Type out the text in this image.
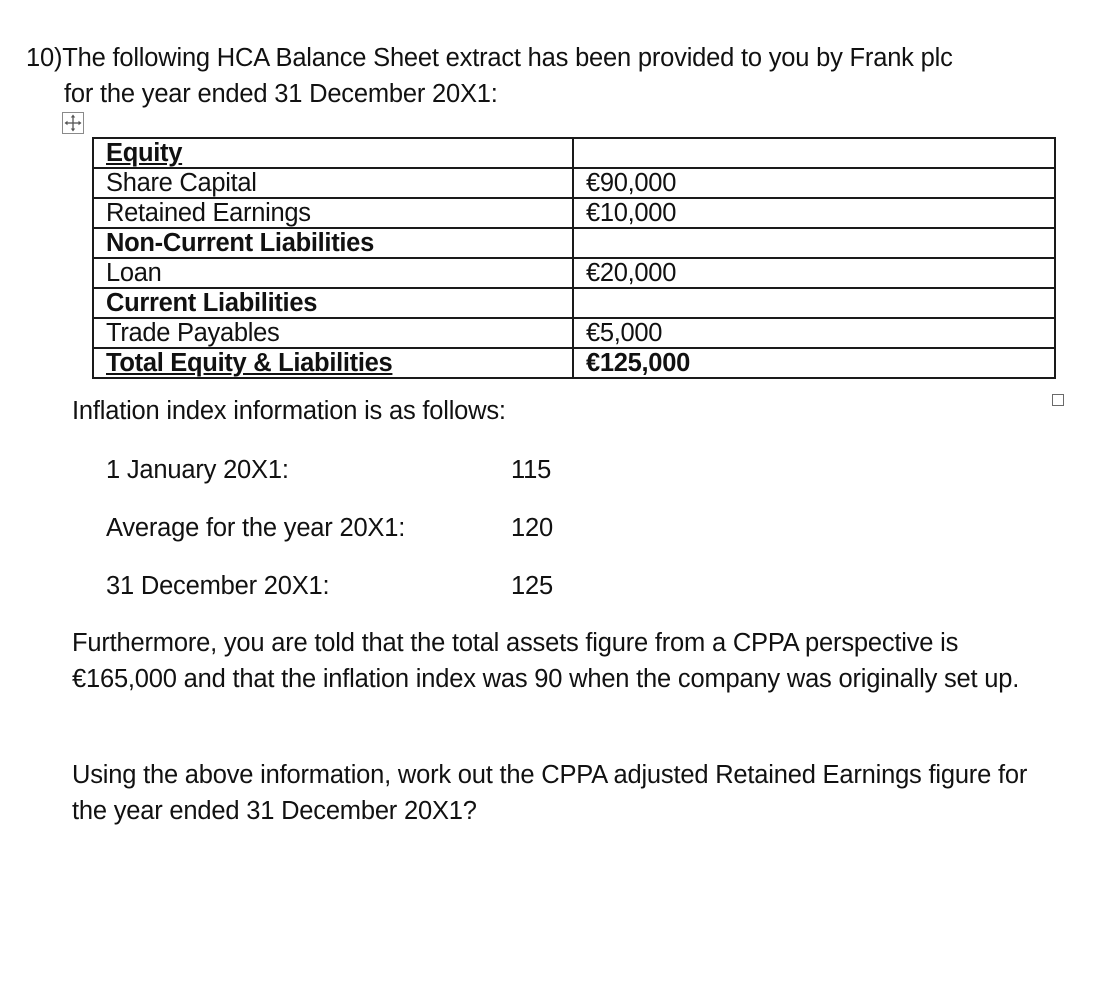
10)The following HCA Balance Sheet extract has been provided to you by Frank plc
for the year ended 31 December 20X1:
Equity	
Share Capital	€90,000
Retained Earnings	€10,000
Non-Current Liabilities	
Loan	€20,000
Current Liabilities	
Trade Payables	€5,000
Total Equity & Liabilities	€125,000
Inflation index information is as follows:
1 January 20X1:	115
Average for the year 20X1:	120
31 December 20X1:	125
Furthermore, you are told that the total assets figure from a CPPA perspective is €165,000 and that the inflation index was 90 when the company was originally set up.
Using the above information, work out the CPPA adjusted Retained Earnings figure for the year ended 31 December 20X1?
